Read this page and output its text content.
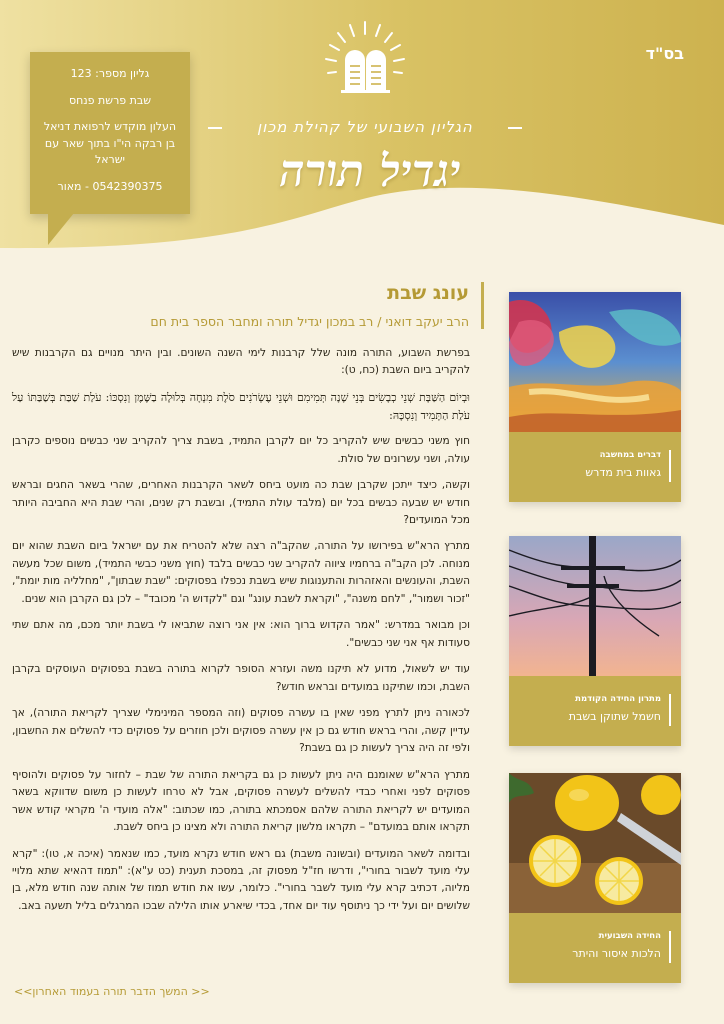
בס"ד
הגליון השבועי של קהילת מכון
יגדיל תורה

גליון מספר: 123

שבת פרשת פנחס

העלון מוקדש לרפואת דניאל בן רבקה הי"ו בתוך שאר עם ישראל

0542390375 - מאור

עונג שבת

הרב יעקב דואני / רב במכון יגדיל תורה ומחבר הספר בית חם

בפרשת השבוע, התורה מונה שלל קרבנות לימי השנה השונים. ובין היתר מנויים גם הקרבנות שיש להקריב ביום השבת (כח, ט):

וּבְיוֹם הַשַּׁבָּת שְׁנֵי כְבָשִׂים בְּנֵי שָׁנָה תְּמִימִם וּשְׁנֵי עֶשְׂרֹנִים סֹלֶת מִנְחָה בְּלוּלָה בַשֶּׁמֶן וְנִסְכּוֹ: עֹלַת שַׁבַּת בְּשַׁבַּתּוֹ עַל עֹלַת הַתָּמִיד וְנִסְכָּהּ:

חוץ משני כבשים שיש להקריב כל יום לקרבן התמיד, בשבת צריך להקריב שני כבשים נוספים כקרבן עולה, ושני עשרונים של סולת.

וקשה, כיצד ייתכן שקרבן שבת כה מועט ביחס לשאר הקרבנות האחרים, שהרי בשאר החגים ובראש חודש יש שבעה כבשים בכל יום (מלבד עולת התמיד), ובשבת רק שנים, והרי שבת היא החביבה היותר מכל המועדים?

מתרץ הרא"ש בפירושו על התורה, שהקב"ה רצה שלא להטריח את עם ישראל ביום השבת שהוא יום מנוחה. לכן הקב"ה ברחמיו ציווה להקריב שני כבשים בלבד (חוץ משני כבשי התמיד), משום שכל מעשה השבת, והעונשים והאזהרות והתענוגות שיש בשבת נכפלו בפסוקים: "שבת שבתון", "מחלליה מות יומת", "זכור ושמור", "לחם משנה", "וקראת לשבת עונג" וגם "לקדוש ה' מכובד" – לכן גם הקרבן הוא שנים.

וכן מבואר במדרש: "אמר הקדוש ברוך הוא: אין אני רוצה שתביאו לי בשבת יותר מכם, מה אתם שתי סעודות אף אני שני כבשים".

עוד יש לשאול, מדוע לא תיקנו משה ועזרא הסופר לקרוא בתורה בשבת בפסוקים העוסקים בקרבן השבת, וכמו שתיקנו במועדים ובראש חודש?

לכאורה ניתן לתרץ מפני שאין בו עשרה פסוקים (וזה המספר המינימלי שצריך לקריאת התורה), אך עדיין קשה, והרי בראש חודש גם כן אין עשרה פסוקים ולכן חוזרים על פסוקים כדי להשלים את החשבון, ולפי זה היה צריך לעשות כן גם בשבת?

מתרץ הרא"ש שאומנם היה ניתן לעשות כן גם בקריאת התורה של שבת – לחזור על פסוקים ולהוסיף פסוקים לפני ואחרי כבדי להשלים לעשרה פסוקים, אבל לא טרחו לעשות כן משום שדווקא בשאר המועדים יש לקריאת התורה שלהם אסמכתא בתורה, כמו שכתוב: "אלה מועדי ה' מקראי קודש אשר תקראו אותם במועדם" – תקראו מלשון קריאת התורה ולא מצינו כן ביחס לשבת.

ובדומה לשאר המועדים (ובשונה משבת) גם ראש חודש נקרא מועד, כמו שנאמר (איכה א, טו): "קרא עלי מועד לשבור בחורי", ודרשו חז"ל מפסוק זה, במסכת תענית (כט ע"א): "תמוז דהאיא שתא מלויי מליוה, דכתיב קרא עלי מועד לשבר בחורי". כלומר, עשו את חודש תמוז של אותה שנה חודש מלא, בן שלושים יום ועל ידי כך ניתוסף עוד יום אחד, בכדי שיארע אותו הלילה שבכו המרגלים בליל תשעה באב.

<< המשך הדבר תורה בעמוד האחרון>>

דברים במחשבה

גאוות בית מדרש

מתרון החידה הקודמת

חשמל שתוקן בשבת

החידה השבועית

הלכות איסור והיתר
